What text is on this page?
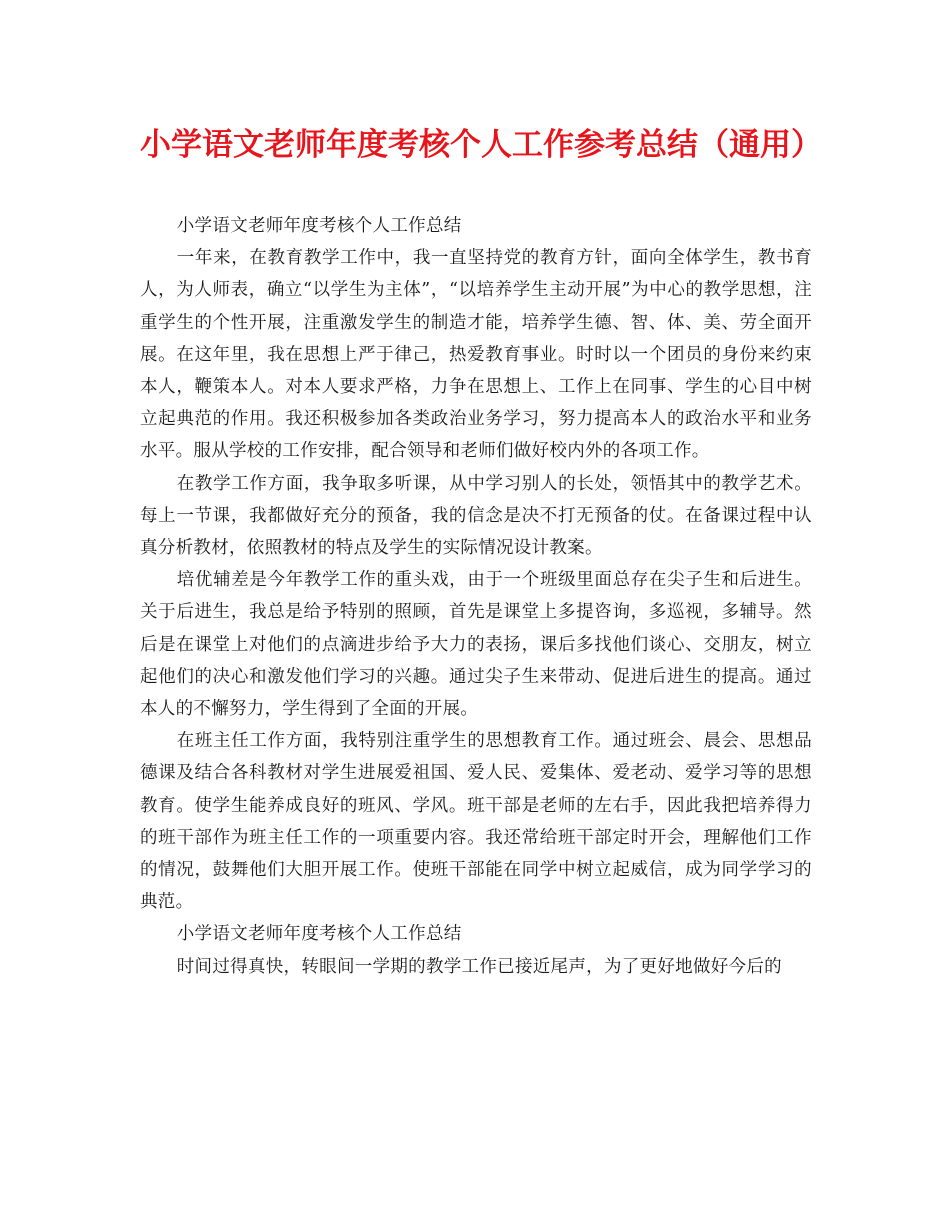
小学语文老师年度考核个人工作参考总结（通用）

小学语文老师年度考核个人工作总结

一年来，在教育教学工作中，我一直坚持党的教育方针，面向全体学生，教书育人，为人师表，确立“以学生为主体”，“以培养学生主动开展”为中心的教学思想，注重学生的个性开展，注重激发学生的制造才能，培养学生德、智、体、美、劳全面开展。在这年里，我在思想上严于律己，热爱教育事业。时时以一个团员的身份来约束本人，鞭策本人。对本人要求严格，力争在思想上、工作上在同事、学生的心目中树立起典范的作用。我还积极参加各类政治业务学习，努力提高本人的政治水平和业务水平。服从学校的工作安排，配合领导和老师们做好校内外的各项工作。

在教学工作方面，我争取多听课，从中学习别人的长处，领悟其中的教学艺术。每上一节课，我都做好充分的预备，我的信念是决不打无预备的仗。在备课过程中认真分析教材，依照教材的特点及学生的实际情况设计教案。

培优辅差是今年教学工作的重头戏，由于一个班级里面总存在尖子生和后进生。关于后进生，我总是给予特别的照顾，首先是课堂上多提咨询，多巡视，多辅导。然后是在课堂上对他们的点滴进步给予大力的表扬，课后多找他们谈心、交朋友，树立起他们的决心和激发他们学习的兴趣。通过尖子生来带动、促进后进生的提高。通过本人的不懈努力，学生得到了全面的开展。

在班主任工作方面，我特别注重学生的思想教育工作。通过班会、晨会、思想品德课及结合各科教材对学生进展爱祖国、爱人民、爱集体、爱老动、爱学习等的思想教育。使学生能养成良好的班风、学风。班干部是老师的左右手，因此我把培养得力的班干部作为班主任工作的一项重要内容。我还常给班干部定时开会，理解他们工作的情况，鼓舞他们大胆开展工作。使班干部能在同学中树立起威信，成为同学学习的典范。

小学语文老师年度考核个人工作总结

时间过得真快，转眼间一学期的教学工作已接近尾声，为了更好地做好今后的
